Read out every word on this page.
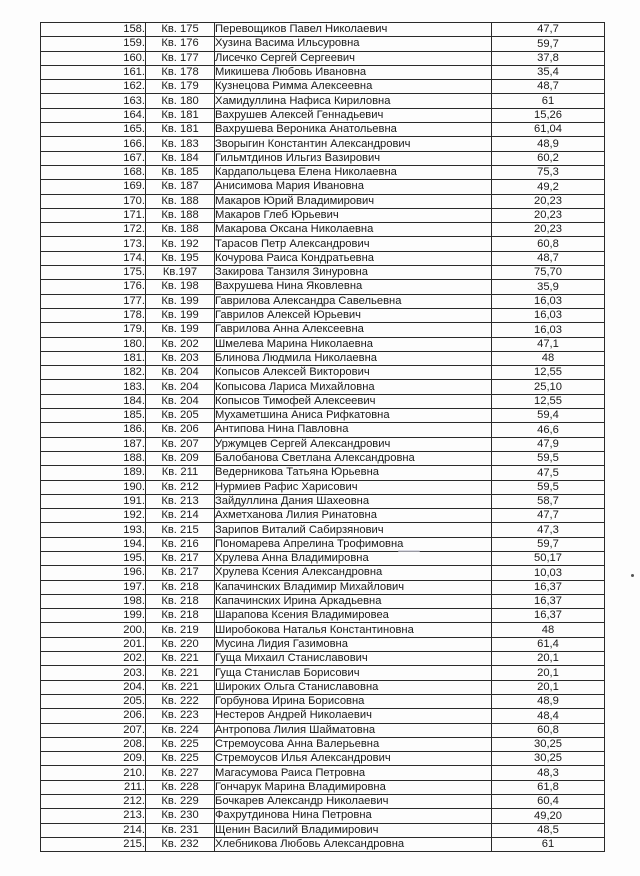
158.	Кв. 175	Перевощиков Павел Николаевич	47,7
159.	Кв. 176	Хузина Васима Ильсуровна	59,7
160.	Кв. 177	Лисечко Сергей Сергеевич	37,8
161.	Кв. 178	Микишева Любовь Ивановна	35,4
162.	Кв. 179	Кузнецова Римма Алексеевна	48,7
163.	Кв. 180	Хамидуллина Нафиса Кириловна	61
164.	Кв. 181	Вахрушев Алексей Геннадьевич	15,26
165.	Кв. 181	Вахрушева Вероника Анатольевна	61,04
166.	Кв. 183	Зворыгин Константин Александрович	48,9
167.	Кв. 184	Гильмтдинов Ильгиз Вазирович	60,2
168.	Кв. 185	Кардапольцева Елена Николаевна	75,3
169.	Кв. 187	Анисимова Мария Ивановна	49,2
170.	Кв. 188	Макаров Юрий Владимирович	20,23
171.	Кв. 188	Макаров Глеб Юрьевич	20,23
172.	Кв. 188	Макарова Оксана Николаевна	20,23
173.	Кв. 192	Тарасов Петр Александрович	60,8
174.	Кв. 195	Кочурова Раиса Кондратьевна	48,7
175.	Кв.197	Закирова Танзиля Зинуровна	75,70
176.	Кв. 198	Вахрушева Нина Яковлевна	35,9
177.	Кв. 199	Гаврилова Александра Савельевна	16,03
178.	Кв. 199	Гаврилов Алексей Юрьевич	16,03
179.	Кв. 199	Гаврилова Анна Алексеевна	16,03
180.	Кв. 202	Шмелева Марина Николаевна	47,1
181.	Кв. 203	Блинова Людмила Николаевна	48
182.	Кв. 204	Копысов Алексей Викторович	12,55
183.	Кв. 204	Копысова Лариса Михайловна	25,10
184.	Кв. 204	Копысов Тимофей Алексеевич	12,55
185.	Кв. 205	Мухаметшина Аниса Рифкатовна	59,4
186.	Кв. 206	Антипова Нина Павловна	46,6
187.	Кв. 207	Уржумцев Сергей Александрович	47,9
188.	Кв. 209	Балобанова Светлана Александровна	59,5
189.	Кв. 211	Ведерникова Татьяна Юрьевна	47,5
190.	Кв. 212	Нурмиев Рафис Харисович	59,5
191.	Кв. 213	Зайдуллина Дания Шахеовна	58,7
192.	Кв. 214	Ахметханова Лилия Ринатовна	47,7
193.	Кв. 215	Зарипов Виталий Сабирзянович	47,3
194.	Кв. 216	Пономарева Апрелина Трофимовна	59,7
195.	Кв. 217	Хрулева Анна Владимировна	50,17
196.	Кв. 217	Хрулева Ксения Александровна	10,03
197.	Кв. 218	Капачинских Владимир Михайлович	16,37
198.	Кв. 218	Капачинских Ирина Аркадьевна	16,37
199.	Кв. 218	Шарапова Ксения Владимировеа	16,37
200.	Кв. 219	Широбокова Наталья Константиновна	48
201.	Кв. 220	Мусина Лидия Газимовна	61,4
202.	Кв. 221	Гуща Михаил Станиславович	20,1
203.	Кв. 221	Гуща Станислав Борисович	20,1
204.	Кв. 221	Широких Ольга Станиславовна	20,1
205.	Кв. 222	Горбунова Ирина Борисовна	48,9
206.	Кв. 223	Нестеров Андрей Николаевич	48,4
207.	Кв. 224	Антропова Лилия Шайматовна	60,8
208.	Кв. 225	Стремоусова Анна Валерьевна	30,25
209.	Кв. 225	Стремоусов Илья Александрович	30,25
210.	Кв. 227	Магасумова Раиса Петровна	48,3
211.	Кв. 228	Гончарук Марина Владимировна	61,8
212.	Кв. 229	Бочкарев Александр Николаевич	60,4
213.	Кв. 230	Фахрутдинова Нина Петровна	49,20
214.	Кв. 231	Щенин Василий Владимирович	48,5
215.	Кв. 232	Хлебникова Любовь Александровна	61
